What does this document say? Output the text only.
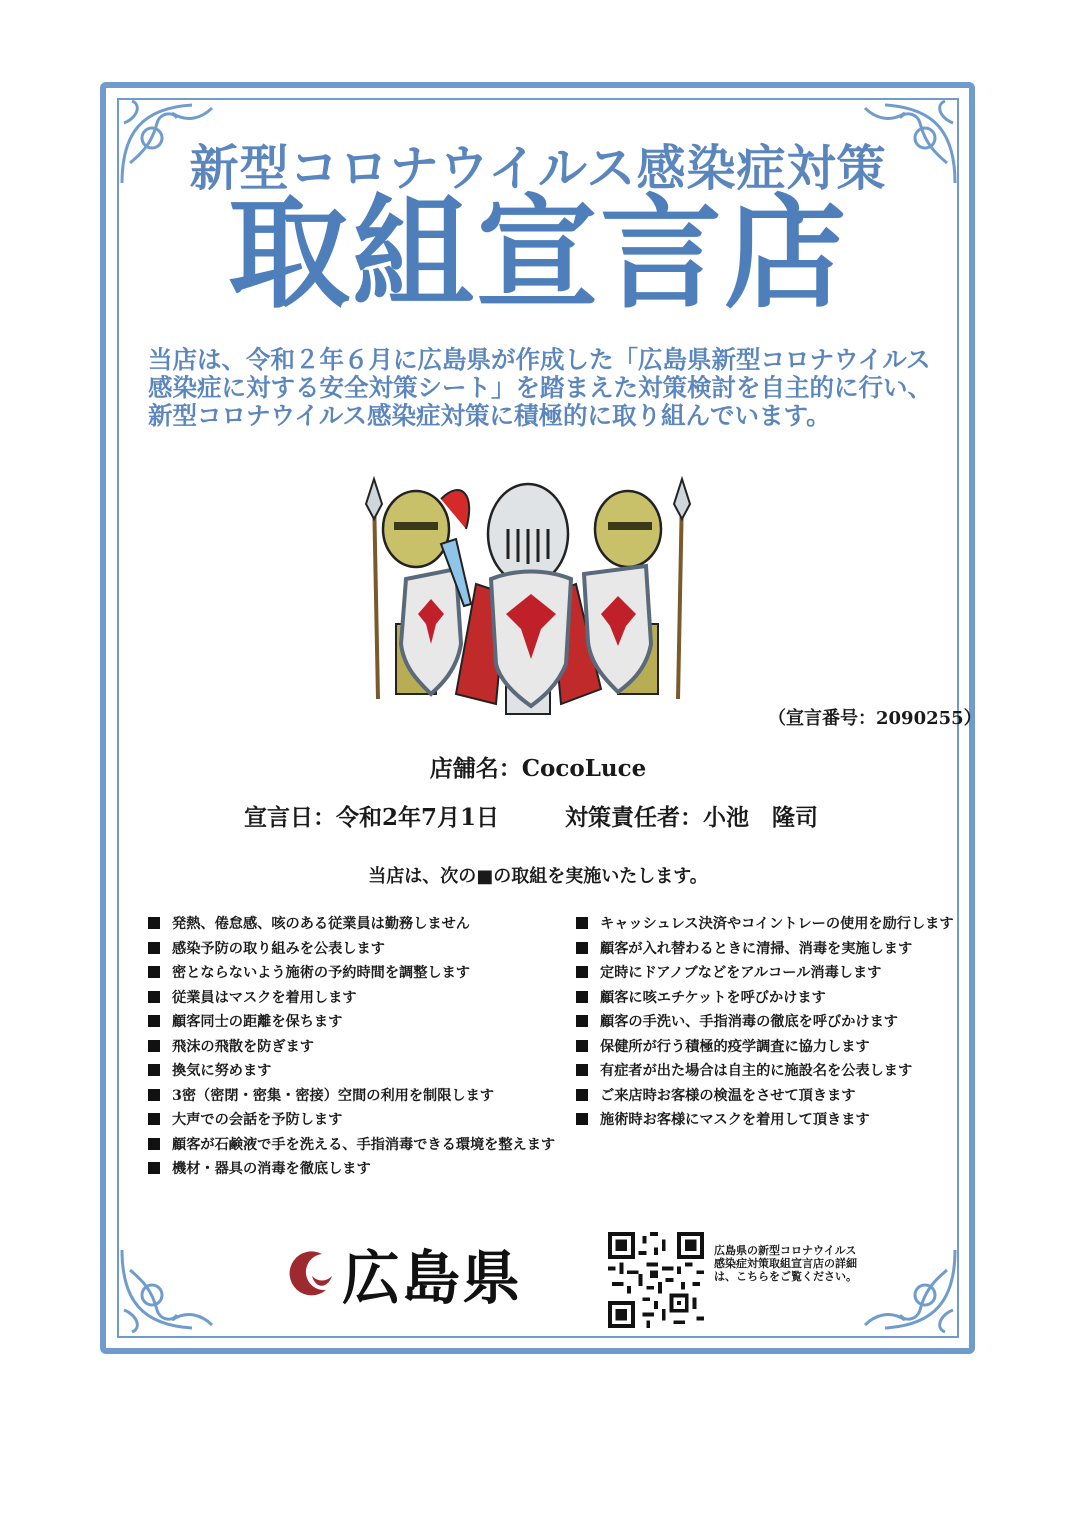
新型コロナウイルス感染症対策
取組宣言店
当店は、令和２年６月に広島県が作成した「広島県新型コロナウイルス
感染症に対する安全対策シート」を踏まえた対策検討を自主的に行い、
新型コロナウイルス感染症対策に積極的に取り組んでいます。
（宣言番号：2090255）
店舗名：CocoLuce
宣言日：令和2年7月1日	対策責任者：小池　隆司
当店は、次の■の取組を実施いたします。
発熱、倦怠感、咳のある従業員は勤務しません
感染予防の取り組みを公表します
密とならないよう施術の予約時間を調整します
従業員はマスクを着用します
顧客同士の距離を保ちます
飛沫の飛散を防ぎます
換気に努めます
3密（密閉・密集・密接）空間の利用を制限します
大声での会話を予防します
顧客が石鹸液で手を洗える、手指消毒できる環境を整えます
機材・器具の消毒を徹底します
キャッシュレス決済やコイントレーの使用を励行します
顧客が入れ替わるときに清掃、消毒を実施します
定時にドアノブなどをアルコール消毒します
顧客に咳エチケットを呼びかけます
顧客の手洗い、手指消毒の徹底を呼びかけます
保健所が行う積極的疫学調査に協力します
有症者が出た場合は自主的に施設名を公表します
ご来店時お客様の検温をさせて頂きます
施術時お客様にマスクを着用して頂きます
広島県	広島県の新型コロナウイルス感染症対策取組宣言店の詳細は、こちらをご覧ください。
